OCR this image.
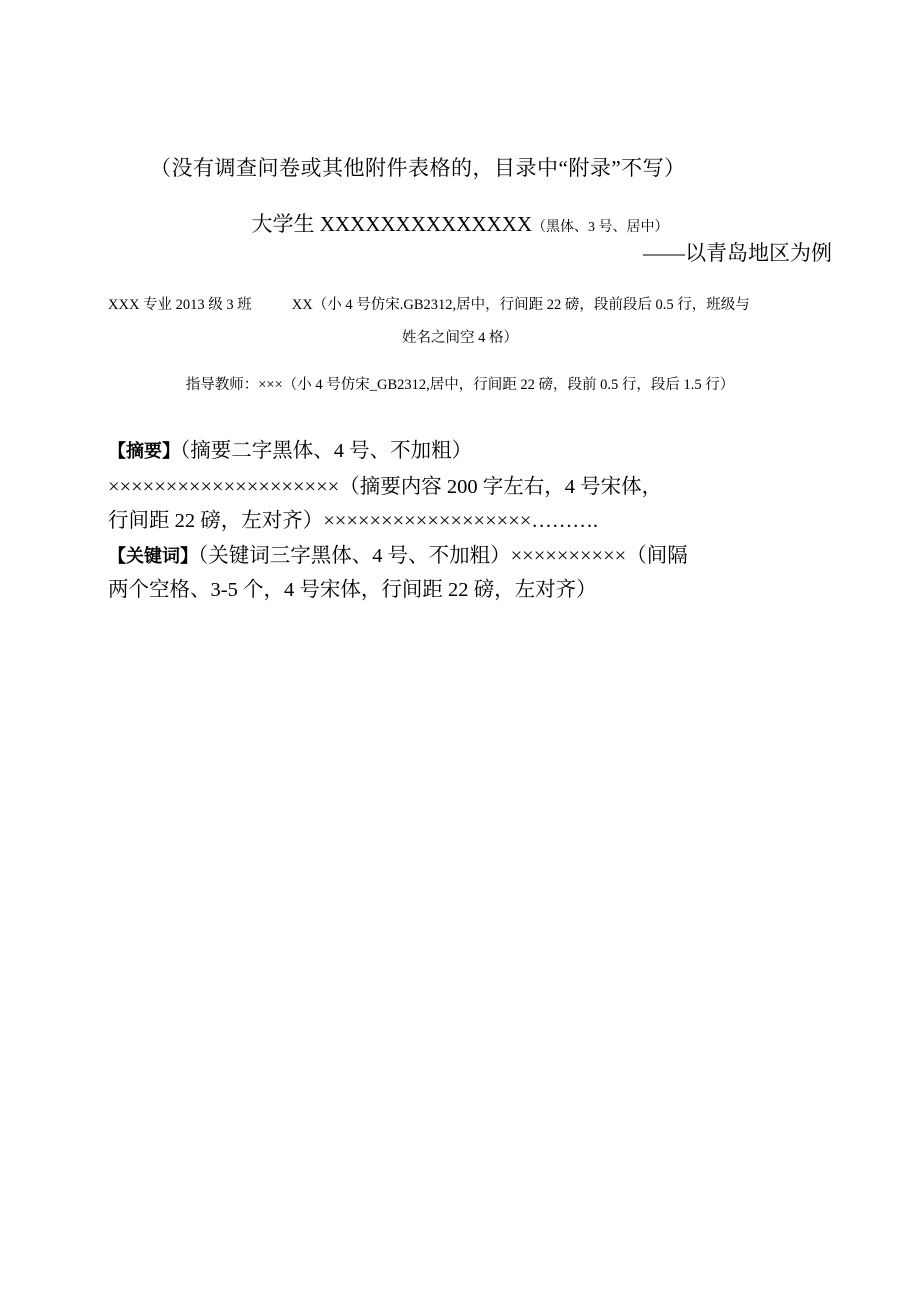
（没有调查问卷或其他附件表格的，目录中“附录”不写）
大学生 XXXXXXXXXXXXXX（黑体、3 号、居中）
——以青岛地区为例
XXX 专业 2013 级 3 班	XX（小 4 号仿宋.GB2312,居中，行间距 22 磅，段前段后 0.5 行，班级与
姓名之间空 4 格）
指导教师：×××（小 4 号仿宋_GB2312,居中，行间距 22 磅，段前 0.5 行，段后 1.5 行）
【摘要】（摘要二字黑体、4 号、不加粗）
××××××××××××××××××××（摘要内容 200 字左右，4 号宋体，
行间距 22 磅，左对齐）××××××××××××××××××……….
【关键词】（关键词三字黑体、4 号、不加粗）××××××××××（间隔
两个空格、3-5 个，4 号宋体，行间距 22 磅，左对齐）
